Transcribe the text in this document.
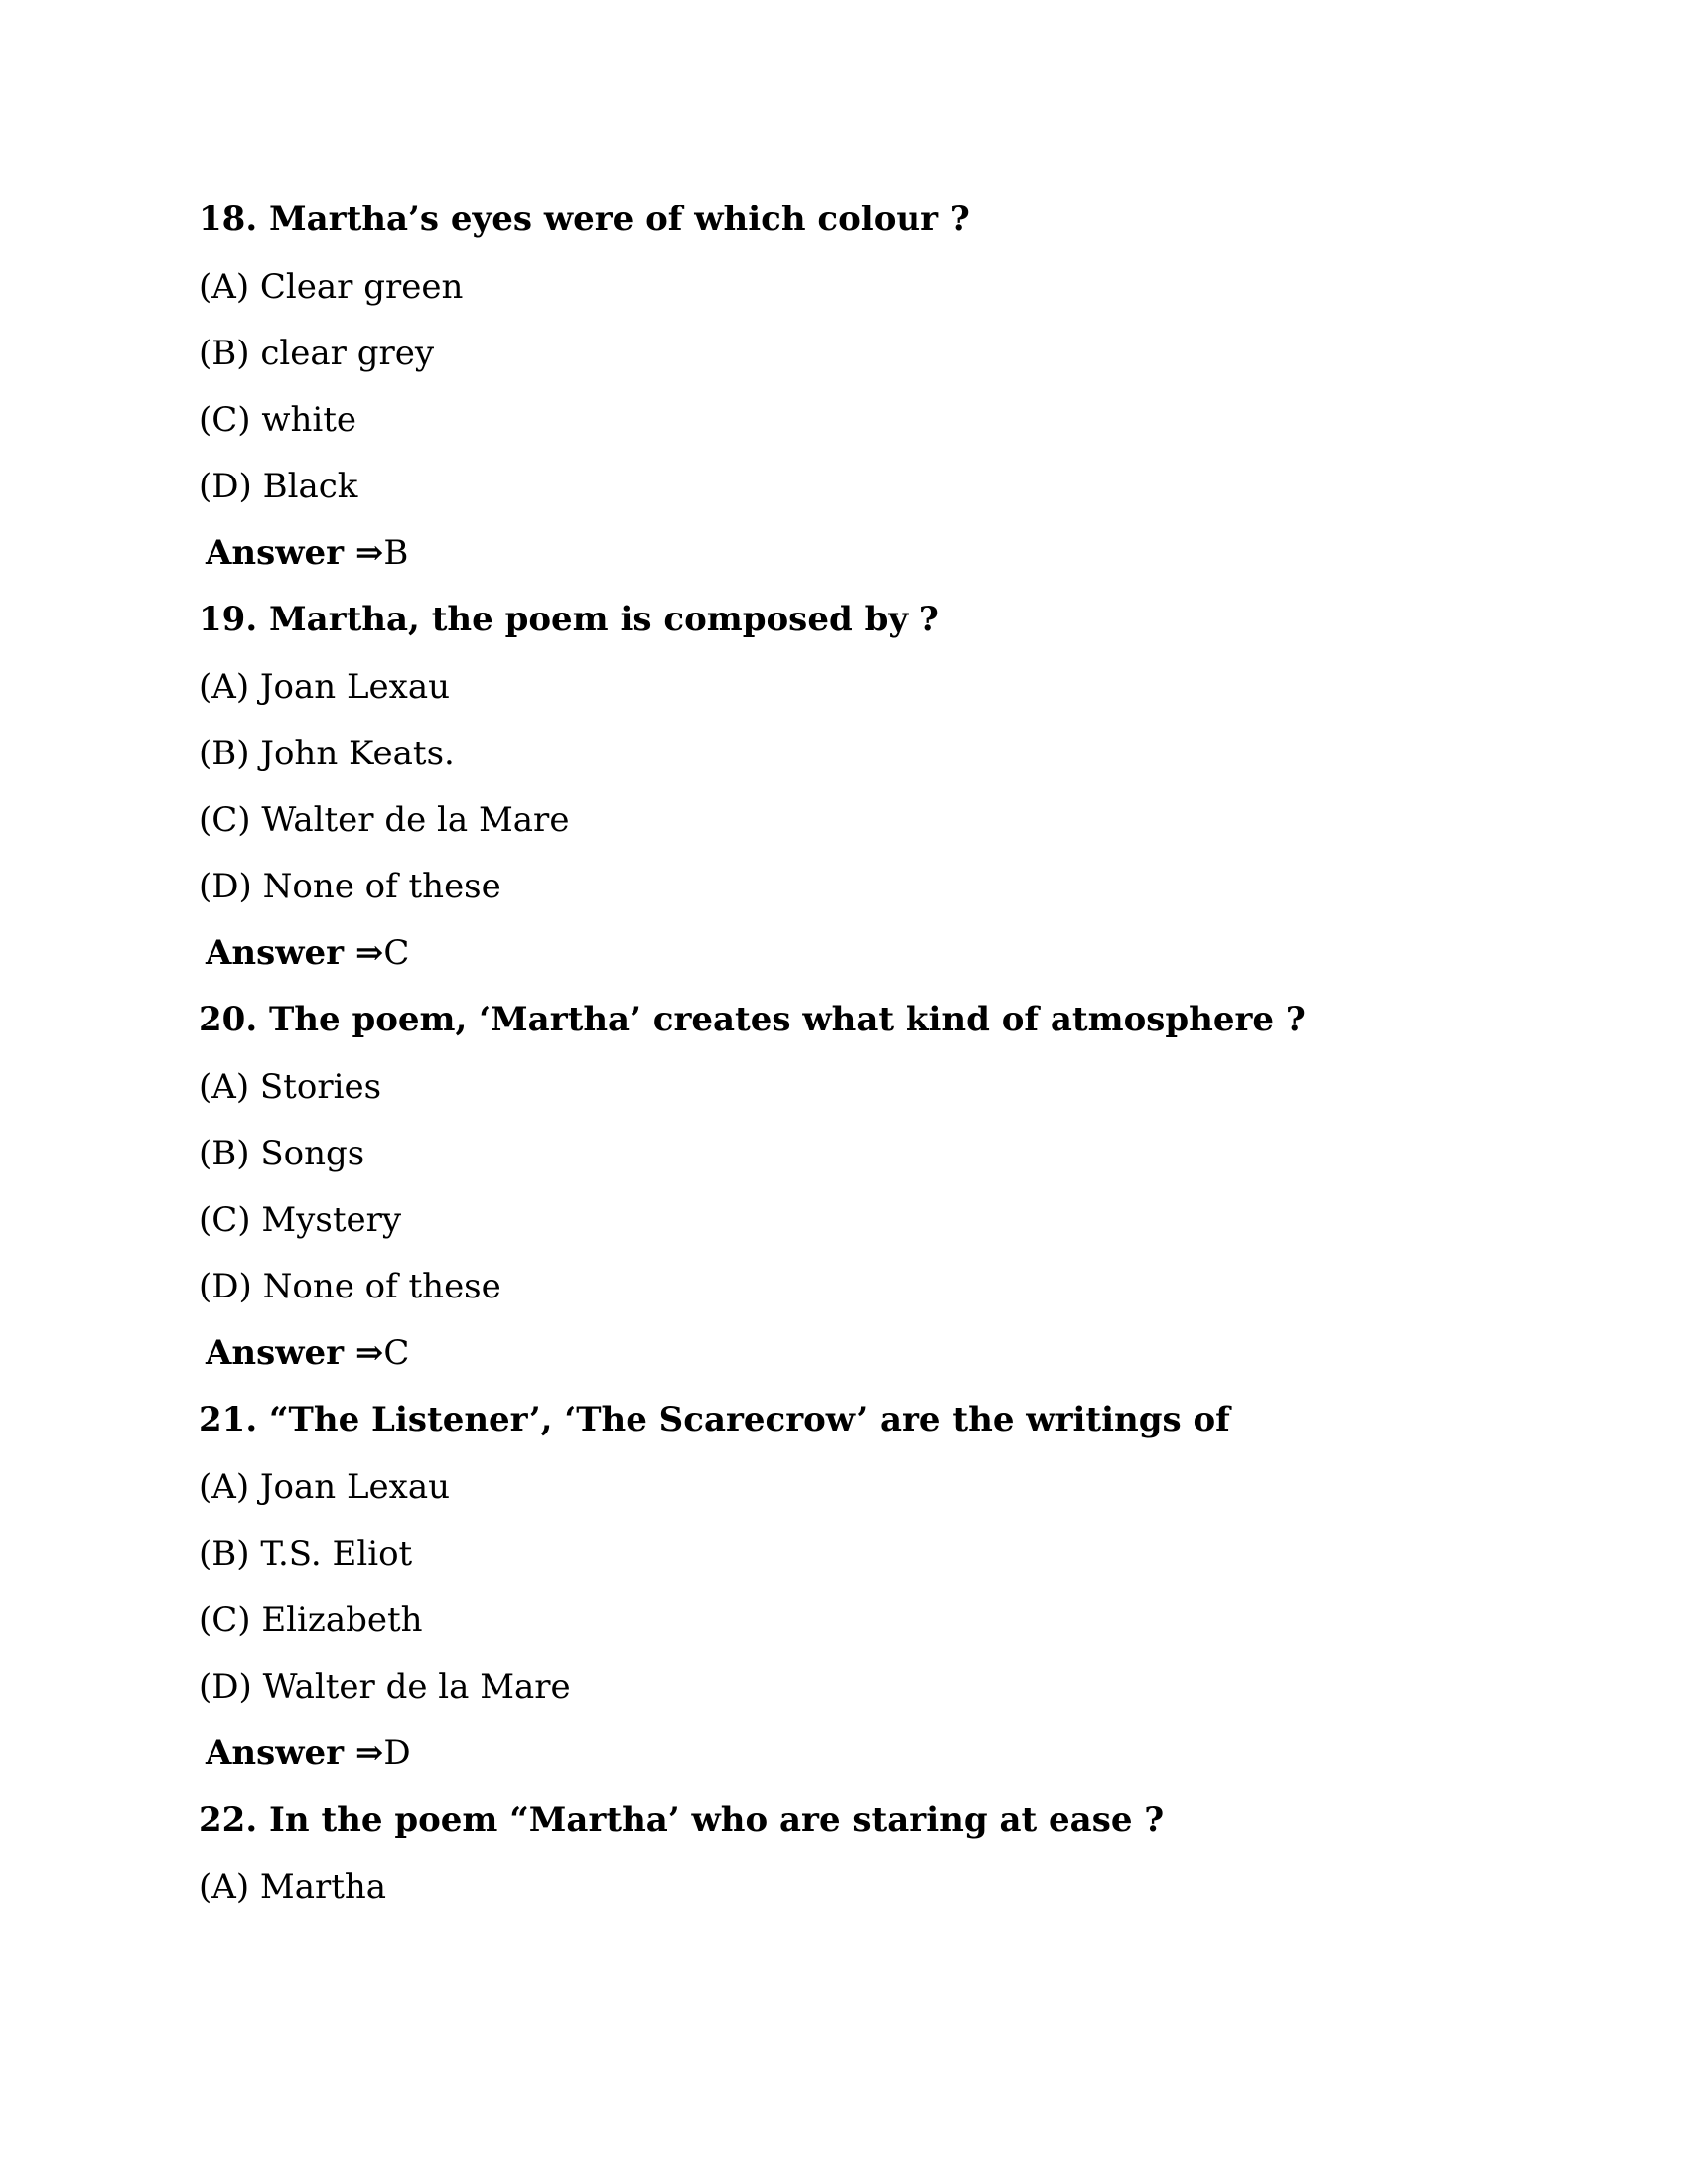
18. Martha’s eyes were of which colour ?
(A) Clear green
(B) clear grey
(C) white
(D) Black
Answer ⇒B
19. Martha, the poem is composed by ?
(A) Joan Lexau
(B) John Keats.
(C) Walter de la Mare
(D) None of these
Answer ⇒C
20. The poem, ‘Martha’ creates what kind of atmosphere ?
(A) Stories
(B) Songs
(C) Mystery
(D) None of these
Answer ⇒C
21. “The Listener’, ‘The Scarecrow’ are the writings of
(A) Joan Lexau
(B) T.S. Eliot
(C) Elizabeth
(D) Walter de la Mare
Answer ⇒D
22. In the poem “Martha’ who are staring at ease ?
(A) Martha
